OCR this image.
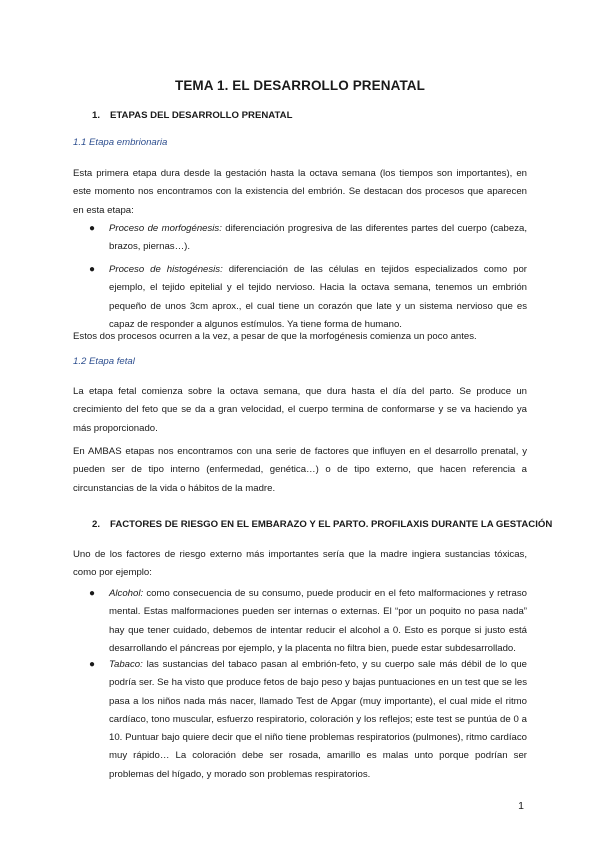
TEMA 1. EL DESARROLLO PRENATAL
1. ETAPAS DEL DESARROLLO PRENATAL
1.1 Etapa embrionaria
Esta primera etapa dura desde la gestación hasta la octava semana (los tiempos son importantes), en este momento nos encontramos con la existencia del embrión. Se destacan dos procesos que aparecen en esta etapa:
● Proceso de morfogénesis: diferenciación progresiva de las diferentes partes del cuerpo (cabeza, brazos, piernas…).
● Proceso de histogénesis: diferenciación de las células en tejidos especializados como por ejemplo, el tejido epitelial y el tejido nervioso. Hacia la octava semana, tenemos un embrión pequeño de unos 3cm aprox., el cual tiene un corazón que late y un sistema nervioso que es capaz de responder a algunos estímulos. Ya tiene forma de humano.
Estos dos procesos ocurren a la vez, a pesar de que la morfogénesis comienza un poco antes.
1.2 Etapa fetal
La etapa fetal comienza sobre la octava semana, que dura hasta el día del parto. Se produce un crecimiento del feto que se da a gran velocidad, el cuerpo termina de conformarse y se va haciendo ya más proporcionado.
En AMBAS etapas nos encontramos con una serie de factores que influyen en el desarrollo prenatal, y pueden ser de tipo interno (enfermedad, genética…) o de tipo externo, que hacen referencia a circunstancias de la vida o hábitos de la madre.
2. FACTORES DE RIESGO EN EL EMBARAZO Y EL PARTO. PROFILAXIS DURANTE LA GESTACIÓN
Uno de los factores de riesgo externo más importantes sería que la madre ingiera sustancias tóxicas, como por ejemplo:
● Alcohol: como consecuencia de su consumo, puede producir en el feto malformaciones y retraso mental. Estas malformaciones pueden ser internas o externas. El “por un poquito no pasa nada” hay que tener cuidado, debemos de intentar reducir el alcohol a 0. Esto es porque si justo está desarrollando el páncreas por ejemplo, y la placenta no filtra bien, puede estar subdesarrollado.
● Tabaco: las sustancias del tabaco pasan al embrión-feto, y su cuerpo sale más débil de lo que podría ser. Se ha visto que produce fetos de bajo peso y bajas puntuaciones en un test que se les pasa a los niños nada más nacer, llamado Test de Apgar (muy importante), el cual mide el ritmo cardíaco, tono muscular, esfuerzo respiratorio, coloración y los reflejos; este test se puntúa de 0 a 10. Puntuar bajo quiere decir que el niño tiene problemas respiratorios (pulmones), ritmo cardíaco muy rápido… La coloración debe ser rosada, amarillo es malas unto porque podrían ser problemas del hígado, y morado son problemas respiratorios.
1
